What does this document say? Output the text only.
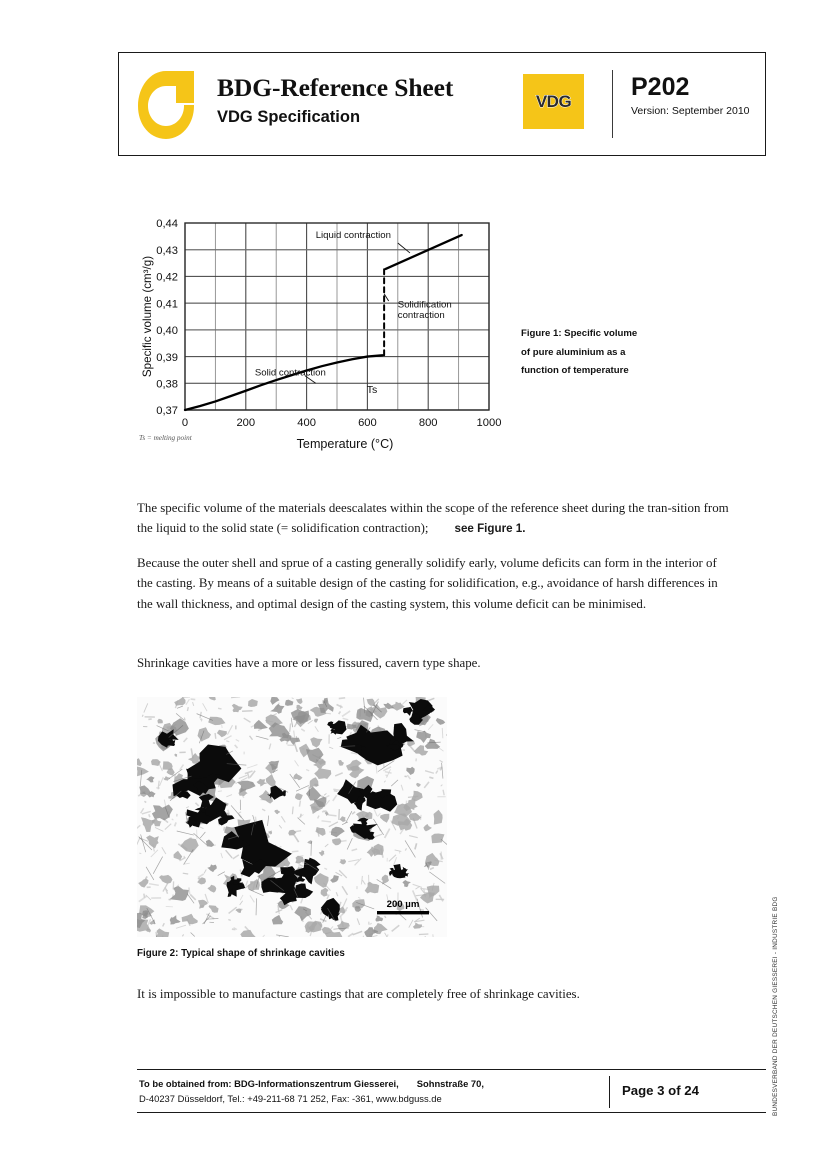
BDG-Reference Sheet
VDG Specification
VDG P202
Version: September 2010
0,37
0,38
0,39
0,40
0,41
0,42
0,43
0,44
0	200	400	600	800	1000
Temperature (°C)
Specific volume (cm³/g)
Liquid contraction
Solidification
contraction
Solid contraction
Ts
Ts = melting point
Figure 1: Specific volume
of pure aluminium as a
function of temperature
The specific volume of the materials deescalates within the scope of the reference sheet during the tran-sition from the liquid to the solid state (= solidification contraction); see Figure 1.
Because the outer shell and sprue of a casting generally solidify early, volume deficits can form in the interior of the casting. By means of a suitable design of the casting for solidification, e.g., avoidance of harsh differences in the wall thickness, and optimal design of the casting system, this volume deficit can be minimised.
Shrinkage cavities have a more or less fissured, cavern type shape.
200 µm
Figure 2: Typical shape of shrinkage cavities
It is impossible to manufacture castings that are completely free of shrinkage cavities.	BUNDESVERBAND DER DEUTSCHEN GIESSEREI - INDUSTRIE BDG
To be obtained from: BDG-Informationszentrum Giesserei, Sohnstraße 70,
D-40237 Düsseldorf, Tel.: +49-211-68 71 252, Fax: -361, www.bdguss.de
Page 3 of 24
